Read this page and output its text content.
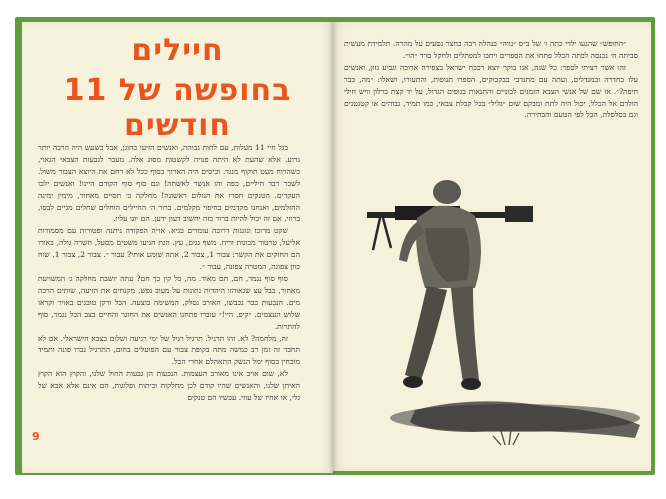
חיילים
בחופשה של 11 חודשים

בגל חיי 11 מעלות, עם לחות גבוהה, ואנשים הזיעו כהוגן, אבל בשעש היה הרבה יותר גרוע. אלא שהעת לא היתה פנויה לקשטות מסוג אלה. מעבר לגבעות הצבאי הגאוי, כשהרוח מעט תוקוף מנגד. וכיסים היה הארוך בסוף ככל לא רחם את היוצא הצבור משול. לשכר רבד חיליים, כפה והו אנשר לאשחה! וגם סוף סוף הקודם היינו! ואנשים ילכו העקדים. הטנקים חסרו את הנולום ראשונה! מחלקה ב׳ תסיים מאחור, מימין ימינה החזלמים, ואנחנו מקדמים בחיפוי מקלמים. ברור ה׳ החיילים הוחלים שחלים מגיים לבסו, ברוזי, אם זה יכול להיות ברור כזה יחשוב דעון ידען. הם יונו עליו.

שקט מרוכז ונוגנות דרוכה עומדים בגיא. או״ה הפקודה ניתנה ופטורות עם מסמורות אליעל, טרטור מכונות וריח. משף גגים, עץ. הגת הגיעו משטים מסעל, חשרה גולה, באורו הם החזקים את הקשר: צבור 1, צבור 2, אתה שומע אותי? עבור ״. צבור 2, צבור 1, שוח כוון צפונה, המטרה צפונה, עבור ״.

סוף סוף נגמר, חם, חם מאוד. מה, כל קין כך חם? עתה יושבת מחלקה ג׳ המשויעת מאחור, כבל עצ שגאוהזו היהדות נתונות על מעוב נפש, מקנחים את הזיעה, שותים הרבה מים. הנבעות כבר נכבשו, האורב נסלק, המשימה בוצעה. הכל ורקן טובגים באויר וקראו שלוש העצמים. ״קיפ, היי!״ עוברו פתחנו האנשים את החוגר והחיים בצב הכל נגמר, סוף להתרות.

זה, מלחמה? לא. זהו תרגיל. תרגיל רגיל של ימי רגיעה ושלום בצבא הישראלי. אם לא תחבר זה זמן רב כמשה מתה בקופת צבור עם הפועלים בחום, התרגיל גברו פונה ותמיד מוכחין בסוף ימל הנשק התאהלם אחרי הכל.

לא, שום אויב אינו מאורב העצמות. הנבעות הן גבעות החול שלנו, והקוץ הוא הקוץ האיתן שלנו, והאנשים שהיו קודם לכן מחלקות וכיתות ופלוגות, הם אינם אלא אבא של גלי, או אחיו של עוזי. עכשיו הם טנקים

9

״החופש״ שהגעו ילדי כתה ו׳ של ב״ס ״נווה״ בנהלה רבה בחצר נסעים על מהרה. תלמידת מעשית סביתה ח׳ נכנסה לכתה הכלל פתחו את הספרים ויחבו למפתלים ולחקל סרד ״הו״.

זהו אשר רציתי לספר: כל שנה, אנו בוקר יוצא רכבת ישראל בצפירה ארוכה וגביע גזון, ואנשים עלו בחדרה ובמגדלים, ועתה עם מתנדבי בבקבוקים, הספרו תנופות, והתעורו, ושאלו: ״מה, כבר חיפה?״. אז שם של אנשי הצבא הזמנים לבוניים והתנאות בנופים הגדול, על יד קצת ברלון וויש חילי הולדם אל הכלל, יכול היה לתת ומבקם שום ״גליל״ בכל קבלת צבאי, כמו תמיד, גבוהים או קטנטנים וגם בסלסלה, הכל לפי הטעם והבחירה.
